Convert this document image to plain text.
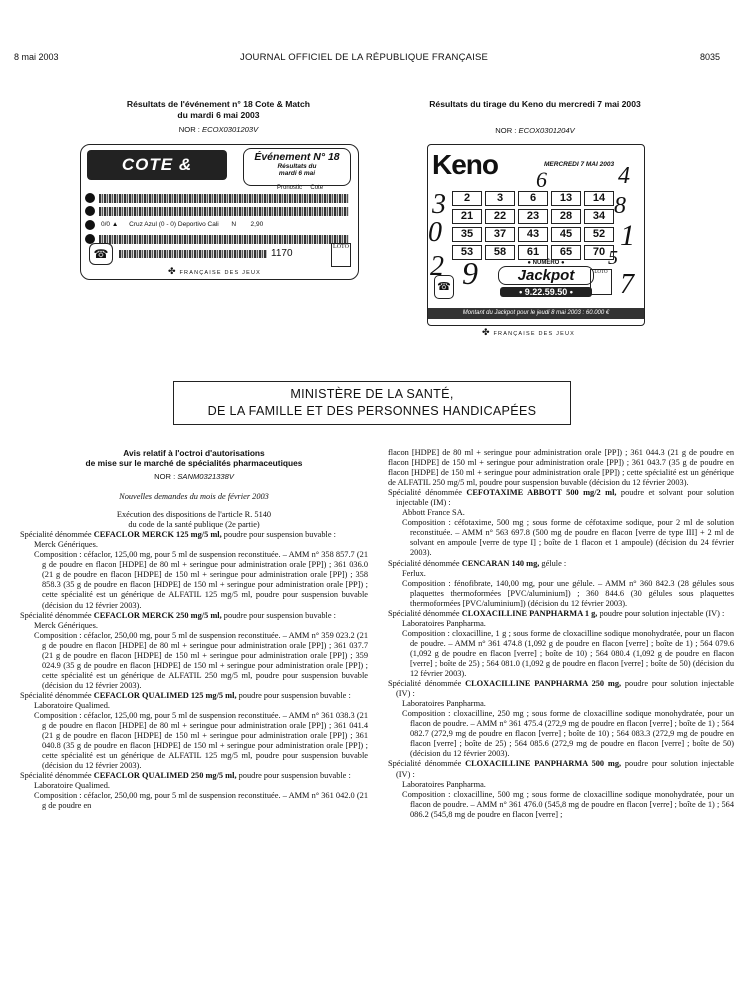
8 mai 2003	JOURNAL OFFICIEL DE LA RÉPUBLIQUE FRANÇAISE	8035
Résultats de l'événement n° 18 Cote & Match
du mardi 6 mai 2003
NOR : ECOX0301203V
COTE &	Événement N° 18
Résultats du
mardi 6 mai
Pronostic Cote
0/0 ▲ Cruz Azul (0 - 0) Deportivo Cali N 2,90
☎	1170
LOTO
✤ FRANÇAISE DES JEUX
Résultats du tirage du Keno du mercredi 7 mai 2003
NOR : ECOX0301204V
Keno	MERCREDI 7 MAI 2003
6	4
3	8
0	1
2 9	5
7
2	3	6	13	14
21	22	23	28	34
35	37	43	45	52
53	58	61	65	70
☎
● NUMÉRO ●
Jackpot
• 9.22.59.50 •
LOTO
Montant du Jackpot pour le jeudi 8 mai 2003 : 60.000 €
✤ FRANÇAISE DES JEUX
MINISTÈRE DE LA SANTÉ,
DE LA FAMILLE ET DES PERSONNES HANDICAPÉES
Avis relatif à l'octroi d'autorisations
de mise sur le marché de spécialités pharmaceutiques
NOR : SANM0321338V

Nouvelles demandes du mois de février 2003

Exécution des dispositions de l'article R. 5140

du code de la santé publique (2e partie)

Spécialité dénommée CEFACLOR MERCK 125 mg/5 ml, poudre pour suspension buvable :

Merck Génériques.

Composition : céfaclor, 125,00 mg, pour 5 ml de suspension reconstituée. – AMM n° 358 857.7 (21 g de poudre en flacon [HDPE] de 80 ml + seringue pour administration orale [PP]) ; 361 036.0 (21 g de poudre en flacon [HDPE] de 150 ml + seringue pour administration orale [PP]) ; 358 858.3 (35 g de poudre en flacon [HDPE] de 150 ml + seringue pour administration orale [PP]) ; cette spécialité est un générique de ALFATIL 125 mg/5 ml, poudre pour suspension buvable (décision du 12 février 2003).

Spécialité dénommée CEFACLOR MERCK 250 mg/5 ml, poudre pour suspension buvable :

Merck Génériques.

Composition : céfaclor, 250,00 mg, pour 5 ml de suspension reconstituée. – AMM n° 359 023.2 (21 g de poudre en flacon [HDPE] de 80 ml + seringue pour administration orale [PP]) ; 361 037.7 (21 g de poudre en flacon [HDPE] de 150 ml + seringue pour administration orale [PP]) ; 359 024.9 (35 g de poudre en flacon [HDPE] de 150 ml + seringue pour administration orale [PP]) ; cette spécialité est un générique de ALFATIL 250 mg/5 ml, poudre pour suspension buvable (décision du 12 février 2003).

Spécialité dénommée CEFACLOR QUALIMED 125 mg/5 ml, poudre pour suspension buvable :

Laboratoire Qualimed.

Composition : céfaclor, 125,00 mg, pour 5 ml de suspension reconstituée. – AMM n° 361 038.3 (21 g de poudre en flacon [HDPE] de 80 ml + seringue pour administration orale [PP]) ; 361 041.4 (21 g de poudre en flacon [HDPE] de 150 ml + seringue pour administration orale [PP]) ; 361 040.8 (35 g de poudre en flacon [HDPE] de 150 ml + seringue pour administration orale [PP]) ; cette spécialité est un générique de ALFATIL 125 mg/5 ml, poudre pour suspension buvable (décision du 12 février 2003).

Spécialité dénommée CEFACLOR QUALIMED 250 mg/5 ml, poudre pour suspension buvable :

Laboratoire Qualimed.

Composition : céfaclor, 250,00 mg, pour 5 ml de suspension reconstituée. – AMM n° 361 042.0 (21 g de poudre en

flacon [HDPE] de 80 ml + seringue pour administration orale [PP]) ; 361 044.3 (21 g de poudre en flacon [HDPE] de 150 ml + seringue pour administration orale [PP]) ; 361 043.7 (35 g de poudre en flacon [HDPE] de 150 ml + seringue pour administration orale [PP]) ; cette spécialité est un générique de ALFATIL 250 mg/5 ml, poudre pour suspension buvable (décision du 12 février 2003).

Spécialité dénommée CEFOTAXIME ABBOTT 500 mg/2 ml, poudre et solvant pour solution injectable (IM) :

Abbott France SA.

Composition : céfotaxime, 500 mg ; sous forme de céfotaxime sodique, pour 2 ml de solution reconstituée. – AMM n° 563 697.8 (500 mg de poudre en flacon [verre de type III] + 2 ml de solvant en ampoule [verre de type I] ; boîte de 1 flacon et 1 ampoule) (décision du 24 février 2003).

Spécialité dénommée CENCARAN 140 mg, gélule :

Ferlux.

Composition : fénofibrate, 140,00 mg, pour une gélule. – AMM n° 360 842.3 (28 gélules sous plaquettes thermoformées [PVC/aluminium]) ; 360 844.6 (30 gélules sous plaquettes thermoformées [PVC/aluminium]) (décision du 12 février 2003).

Spécialité dénommée CLOXACILLINE PANPHARMA 1 g, poudre pour solution injectable (IV) :

Laboratoires Panpharma.

Composition : cloxacilline, 1 g ; sous forme de cloxacilline sodique monohydratée, pour un flacon de poudre. – AMM n° 361 474.8 (1,092 g de poudre en flacon [verre] ; boîte de 1) ; 564 079.6 (1,092 g de poudre en flacon [verre] ; boîte de 10) ; 564 080.4 (1,092 g de poudre en flacon [verre] ; boîte de 25) ; 564 081.0 (1,092 g de poudre en flacon [verre] ; boîte de 50) (décision du 12 février 2003).

Spécialité dénommée CLOXACILLINE PANPHARMA 250 mg, poudre pour solution injectable (IV) :

Laboratoires Panpharma.

Composition : cloxacilline, 250 mg ; sous forme de cloxacilline sodique monohydratée, pour un flacon de poudre. – AMM n° 361 475.4 (272,9 mg de poudre en flacon [verre] ; boîte de 1) ; 564 082.7 (272,9 mg de poudre en flacon [verre] ; boîte de 10) ; 564 083.3 (272,9 mg de poudre en flacon [verre] ; boîte de 25) ; 564 085.6 (272,9 mg de poudre en flacon [verre] ; boîte de 50) (décision du 12 février 2003).

Spécialité dénommée CLOXACILLINE PANPHARMA 500 mg, poudre pour solution injectable (IV) :

Laboratoires Panpharma.

Composition : cloxacilline, 500 mg ; sous forme de cloxacilline sodique monohydratée, pour un flacon de poudre. – AMM n° 361 476.0 (545,8 mg de poudre en flacon [verre] ; boîte de 1) ; 564 086.2 (545,8 mg de poudre en flacon [verre] ;
